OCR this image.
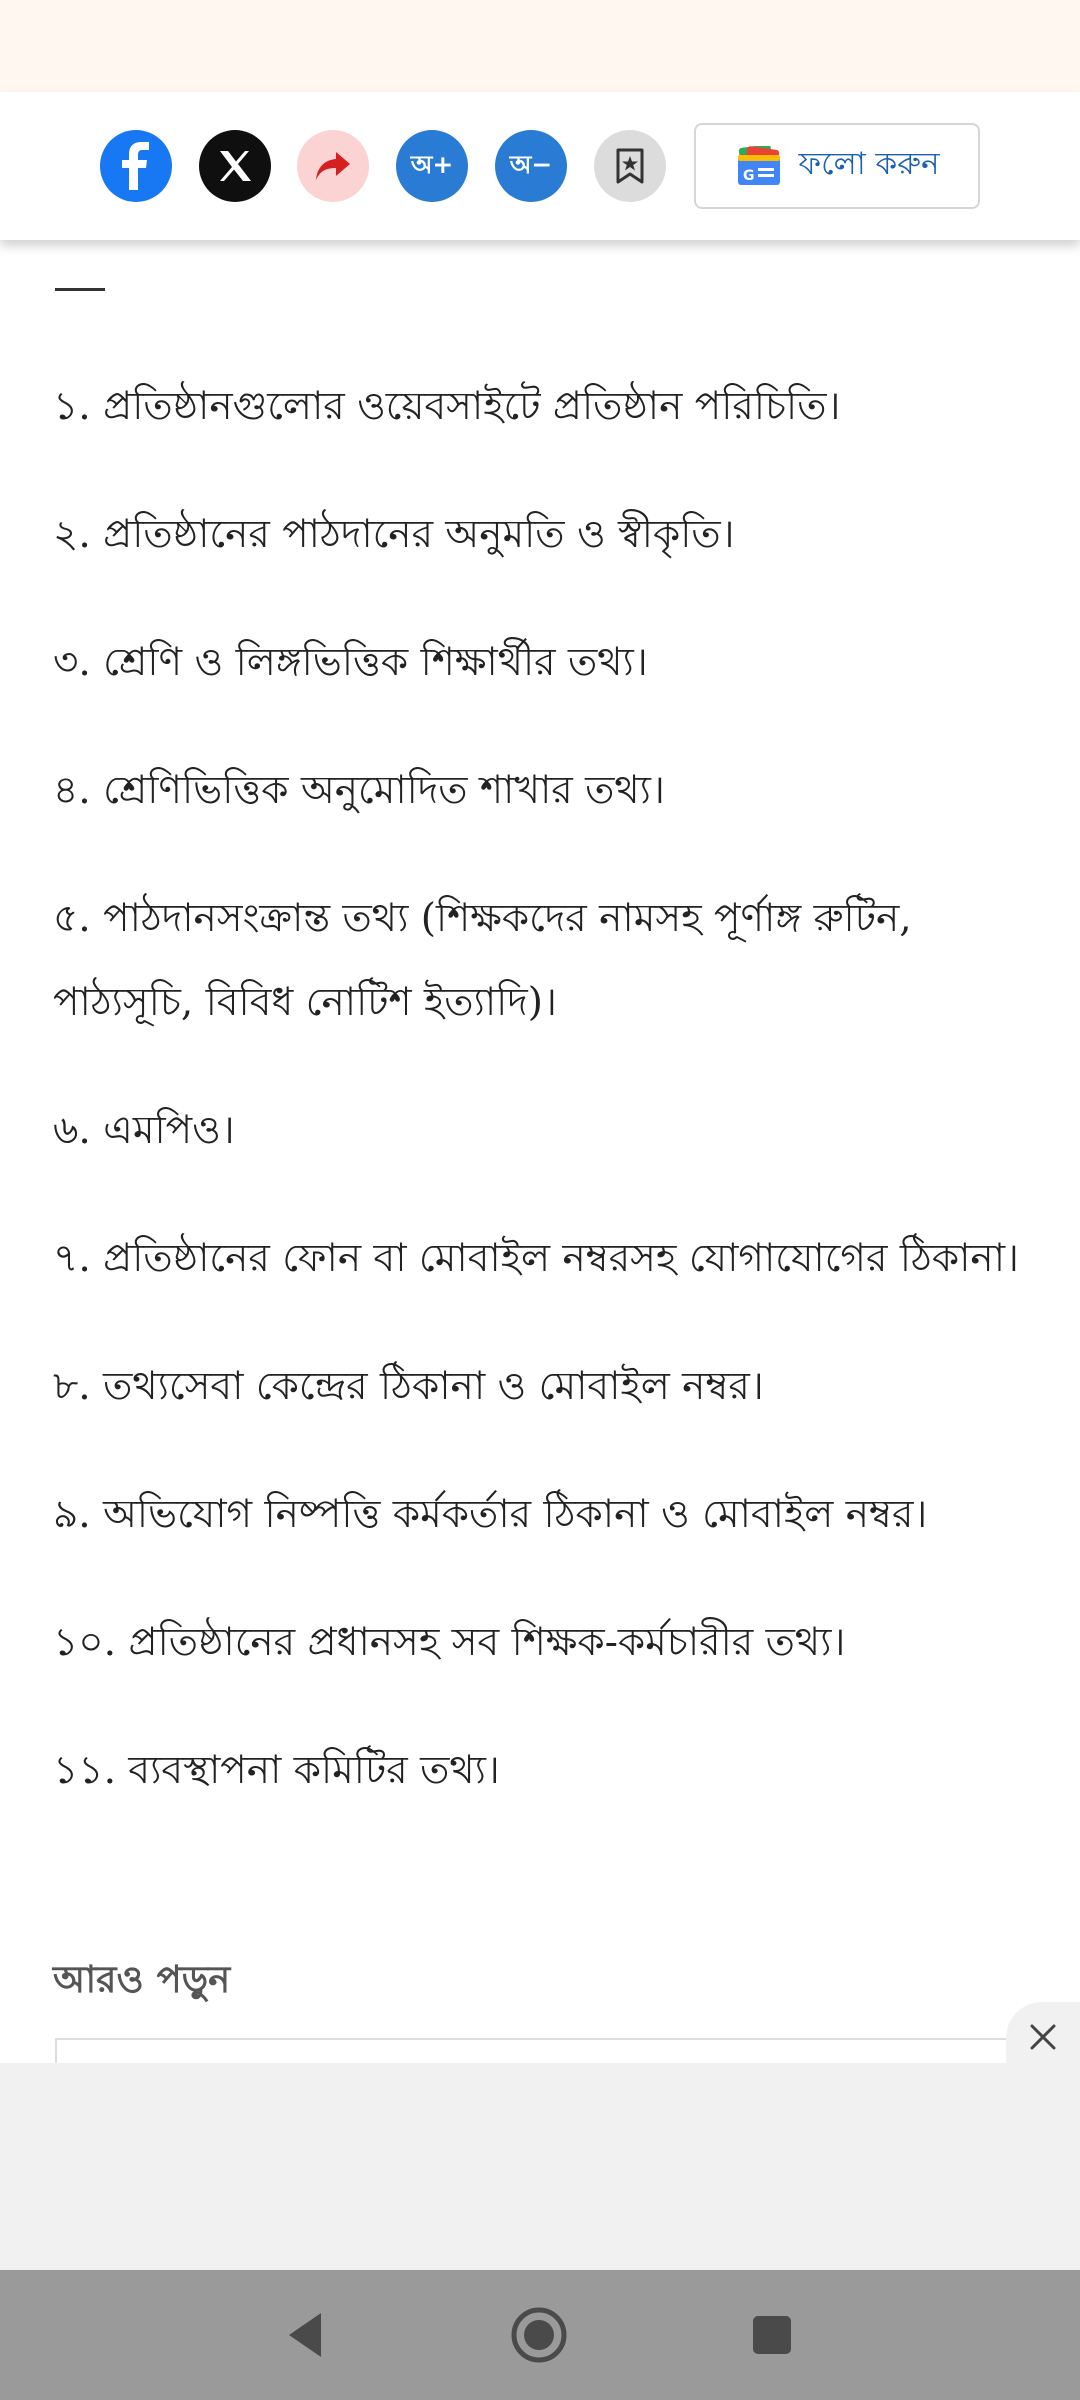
অ+	অ−	G ফলো করুন

১. প্রতিষ্ঠানগুলোর ওয়েবসাইটে প্রতিষ্ঠান পরিচিতি।

২. প্রতিষ্ঠানের পাঠদানের অনুমতি ও স্বীকৃতি।

৩. শ্রেণি ও লিঙ্গভিত্তিক শিক্ষার্থীর তথ্য।

৪. শ্রেণিভিত্তিক অনুমোদিত শাখার তথ্য।

৫. পাঠদানসংক্রান্ত তথ্য (শিক্ষকদের নামসহ পূর্ণাঙ্গ রুটিন, পাঠ্যসূচি, বিবিধ নোটিশ ইত্যাদি)।

৬. এমপিও।

৭. প্রতিষ্ঠানের ফোন বা মোবাইল নম্বরসহ যোগাযোগের ঠিকানা।

৮. তথ্যসেবা কেন্দ্রের ঠিকানা ও মোবাইল নম্বর।

৯. অভিযোগ নিষ্পত্তি কর্মকর্তার ঠিকানা ও মোবাইল নম্বর।

১০. প্রতিষ্ঠানের প্রধানসহ সব শিক্ষক-কর্মচারীর তথ্য।

১১. ব্যবস্থাপনা কমিটির তথ্য।

আরও পড়ুন
